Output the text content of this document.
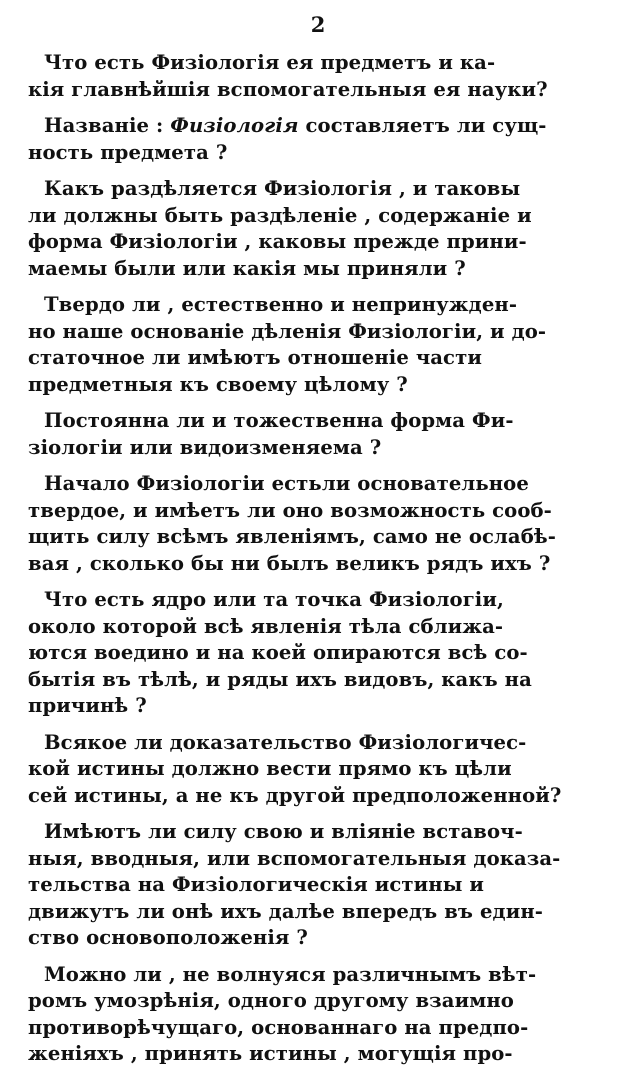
2
Что есть Физіологія ея предметъ и ка-
кія главнѣйшія вспомогательныя ея науки?
Названіе : Физіологія составляетъ ли сущ-
ность предмета ?
Какъ раздѣляется Физіологія , и таковы
ли должны быть раздѣленіе , содержаніе и
форма Физіологіи , каковы прежде прини-
маемы были или какія мы приняли ?
Твердо ли , естественно и непринужден-
но наше основаніе дѣленія Физіологіи, и до-
статочное ли имѣютъ отношеніе части
предметныя къ своему цѣлому ?
Постоянна ли и тожественна форма Фи-
зіологіи или видоизменяема ?
Начало Физіологіи естьли основательное
твердое, и имѣетъ ли оно возможность сооб-
щить силу всѣмъ явленіямъ, само не ослабѣ-
вая , сколько бы ни былъ великъ рядъ ихъ ?
Что есть ядро или та точка Физіологіи,
около которой всѣ явленія тѣла сближа-
ются воедино и на коей опираются всѣ со-
бытія въ тѣлѣ, и ряды ихъ видовъ, какъ на
причинѣ ?
Всякое ли доказательство Физіологичес-
кой истины должно вести прямо къ цѣли
сей истины, а не къ другой предположенной?
Имѣютъ ли силу свою и вліяніе вставоч-
ныя, вводныя, или вспомогательныя доказа-
тельства на Физіологическія истины и
движутъ ли онѣ ихъ далѣе впередъ въ един-
ство основоположенія ?
Можно ли , не волнуяся различнымъ вѣт-
ромъ умозрѣнія, одного другому взаимно
противорѣчущаго, основаннаго на предпо-
женіяхъ , принять истины , могущія про-
